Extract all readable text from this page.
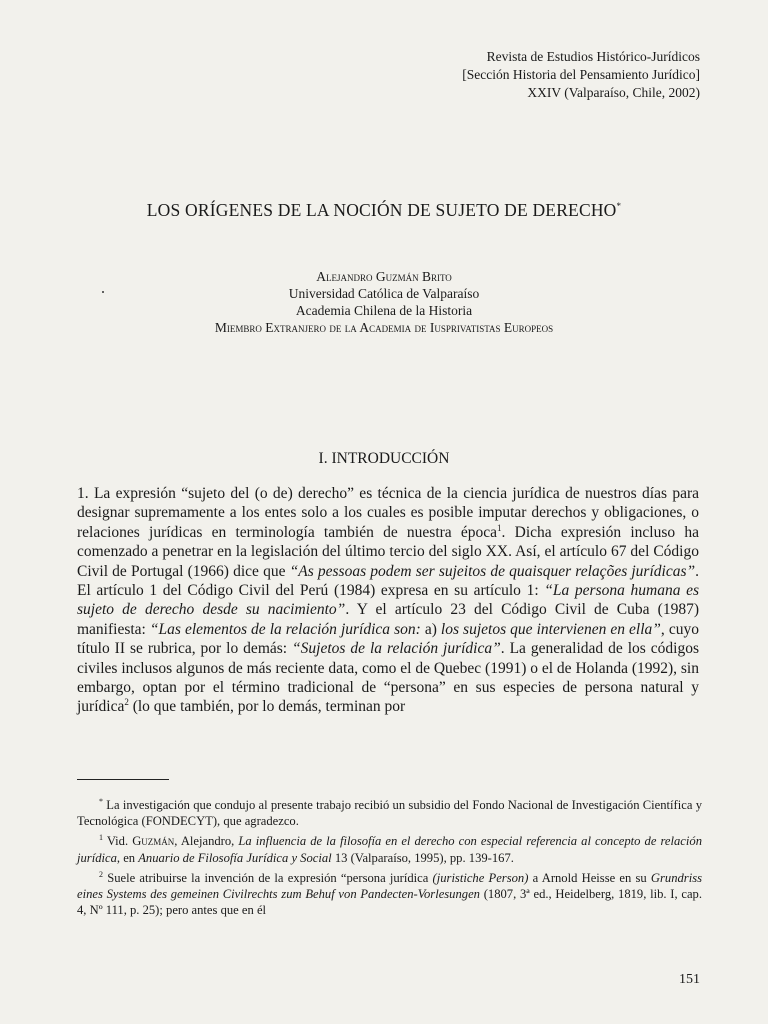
Revista de Estudios Histórico-Jurídicos
[Sección Historia del Pensamiento Jurídico]
XXIV (Valparaíso, Chile, 2002)
LOS ORÍGENES DE LA NOCIÓN DE SUJETO DE DERECHO*
Alejandro Guzmán Brito
Universidad Católica de Valparaíso
Academia Chilena de la Historia
Miembro Extranjero de la Academia de Iusprivatistas Europeos
I. INTRODUCCIÓN
1. La expresión “sujeto del (o de) derecho” es técnica de la ciencia jurídica de nuestros días para designar supremamente a los entes solo a los cuales es posible imputar derechos y obligaciones, o relaciones jurídicas en terminología también de nuestra época$^1$. Dicha expresión incluso ha comenzado a penetrar en la legislación del último tercio del siglo XX. Así, el artículo 67 del Código Civil de Portugal (1966) dice que “As pessoas podem ser sujeitos de quaisquer relações jurídicas”. El artículo 1 del Código Civil del Perú (1984) expresa en su artículo 1: “La persona humana es sujeto de derecho desde su nacimiento”. Y el artículo 23 del Código Civil de Cuba (1987) manifiesta: “Las elementos de la relación jurídica son: a) los sujetos que intervienen en ella”, cuyo título II se rubrica, por lo demás: “Sujetos de la relación jurídica”. La generalidad de los códigos civiles inclusos algunos de más reciente data, como el de Quebec (1991) o el de Holanda (1992), sin embargo, optan por el término tradicional de “persona” en sus especies de persona natural y jurídica$^2$ (lo que también, por lo demás, terminan por

* La investigación que condujo al presente trabajo recibió un subsidio del Fondo Nacional de Investigación Científica y Tecnológica (FONDECYT), que agradezco.

$^1$ Vid. Guzmán, Alejandro, La influencia de la filosofía en el derecho con especial referencia al concepto de relación jurídica, en Anuario de Filosofía Jurídica y Social 13 (Valparaíso, 1995), pp. 139-167.

$^2$ Suele atribuirse la invención de la expresión “persona jurídica (juristiche Person) a Arnold Heisse en su Grundriss eines Systems des gemeinen Civilrechts zum Behuf von Pandecten-Vorlesungen (1807, 3ª ed., Heidelberg, 1819, lib. I, cap. 4, Nº 111, p. 25); pero antes que en él

151
